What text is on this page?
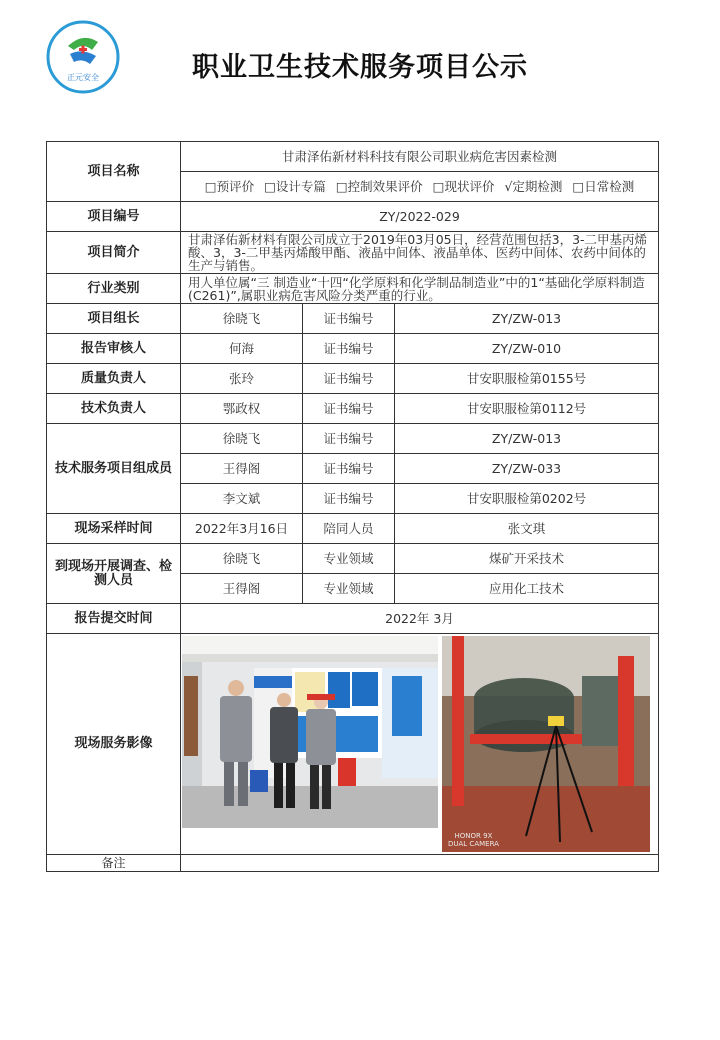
正元安全	职业卫生技术服务项目公示
项目名称	甘肃泽佑新材料科技有限公司职业病危害因素检测		
	□预评价 □设计专篇 □控制效果评价 □现状评价 √定期检测 □日常检测		
项目编号	ZY/2022-029		
项目简介	甘肃泽佑新材料有限公司成立于2019年03月05日，经营范围包括3，3-二甲基丙烯酸、3，3-二甲基丙烯酸甲酯、液晶中间体、液晶单体、医药中间体、农药中间体的生产与销售。		
行业类别	用人单位属“三 制造业“十四“化学原料和化学制品制造业”中的1“基础化学原料制造(C261)”,属职业病危害风险分类严重的行业。		
项目组长	徐晓飞	证书编号	ZY/ZW-013
报告审核人	何海	证书编号	ZY/ZW-010
质量负责人	张玲	证书编号	甘安职服检第0155号
技术负责人	鄂政权	证书编号	甘安职服检第0112号
技术服务项目组成员	徐晓飞	证书编号	ZY/ZW-013
	王得阁	证书编号	ZY/ZW-033
	李文斌	证书编号	甘安职服检第0202号
现场采样时间	2022年3月16日	陪同人员	张文琪
到现场开展调查、检测人员	徐晓飞	专业领域	煤矿开采技术
	王得阁	专业领域	应用化工技术
报告提交时间	2022年 3月		
现场服务影像	HONOR 9X
DUAL CAMERA		

备注			
